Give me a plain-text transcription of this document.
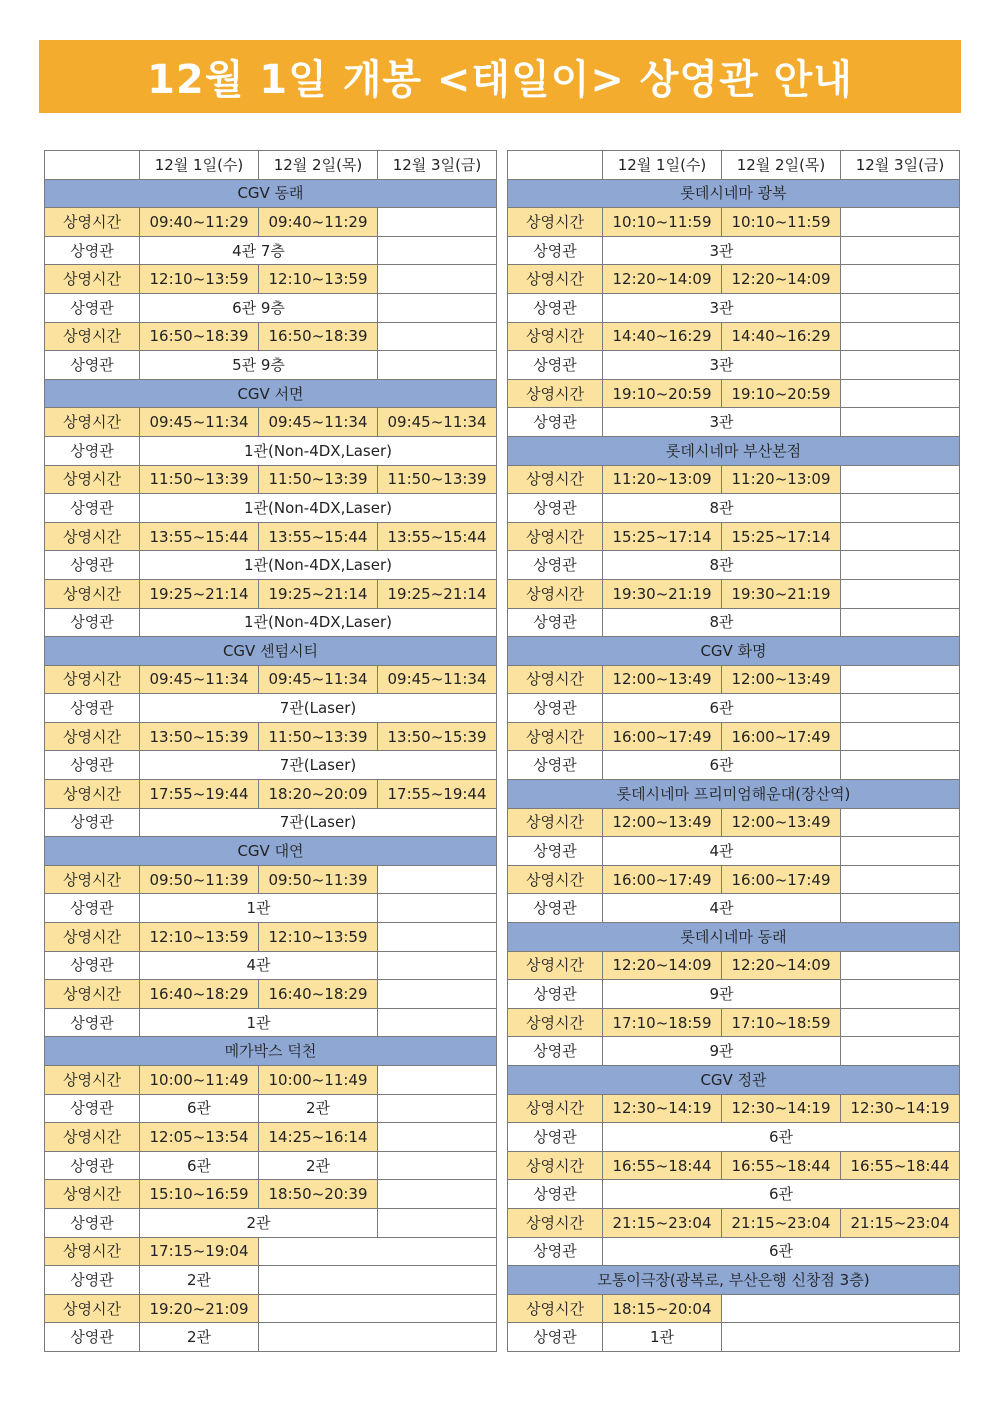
12월 1일 개봉 <태일이> 상영관 안내
	12월 1일(수)	12월 2일(목)	12월 3일(금)
CGV 동래			
상영시간	09:40~11:29	09:40~11:29	
상영관	4관 7층		
상영시간	12:10~13:59	12:10~13:59	
상영관	6관 9층		
상영시간	16:50~18:39	16:50~18:39	
상영관	5관 9층		
CGV 서면			
상영시간	09:45~11:34	09:45~11:34	09:45~11:34
상영관	1관(Non-4DX,Laser)		
상영시간	11:50~13:39	11:50~13:39	11:50~13:39
상영관	1관(Non-4DX,Laser)		
상영시간	13:55~15:44	13:55~15:44	13:55~15:44
상영관	1관(Non-4DX,Laser)		
상영시간	19:25~21:14	19:25~21:14	19:25~21:14
상영관	1관(Non-4DX,Laser)		
CGV 센텀시티			
상영시간	09:45~11:34	09:45~11:34	09:45~11:34
상영관	7관(Laser)		
상영시간	13:50~15:39	11:50~13:39	13:50~15:39
상영관	7관(Laser)		
상영시간	17:55~19:44	18:20~20:09	17:55~19:44
상영관	7관(Laser)		
CGV 대연			
상영시간	09:50~11:39	09:50~11:39	
상영관	1관		
상영시간	12:10~13:59	12:10~13:59	
상영관	4관		
상영시간	16:40~18:29	16:40~18:29	
상영관	1관		
메가박스 덕천			
상영시간	10:00~11:49	10:00~11:49	
상영관	6관	2관	
상영시간	12:05~13:54	14:25~16:14	
상영관	6관	2관	
상영시간	15:10~16:59	18:50~20:39	
상영관	2관		
상영시간	17:15~19:04		
상영관	2관		
상영시간	19:20~21:09		
상영관	2관		
	12월 1일(수)	12월 2일(목)	12월 3일(금)
롯데시네마 광복			
상영시간	10:10~11:59	10:10~11:59	
상영관	3관		
상영시간	12:20~14:09	12:20~14:09	
상영관	3관		
상영시간	14:40~16:29	14:40~16:29	
상영관	3관		
상영시간	19:10~20:59	19:10~20:59	
상영관	3관		
롯데시네마 부산본점			
상영시간	11:20~13:09	11:20~13:09	
상영관	8관		
상영시간	15:25~17:14	15:25~17:14	
상영관	8관		
상영시간	19:30~21:19	19:30~21:19	
상영관	8관		
CGV 화명			
상영시간	12:00~13:49	12:00~13:49	
상영관	6관		
상영시간	16:00~17:49	16:00~17:49	
상영관	6관		
롯데시네마 프리미엄해운대(장산역)			
상영시간	12:00~13:49	12:00~13:49	
상영관	4관		
상영시간	16:00~17:49	16:00~17:49	
상영관	4관		
롯데시네마 동래			
상영시간	12:20~14:09	12:20~14:09	
상영관	9관		
상영시간	17:10~18:59	17:10~18:59	
상영관	9관		
CGV 정관			
상영시간	12:30~14:19	12:30~14:19	12:30~14:19
상영관	6관		
상영시간	16:55~18:44	16:55~18:44	16:55~18:44
상영관	6관		
상영시간	21:15~23:04	21:15~23:04	21:15~23:04
상영관	6관		
모통이극장(광복로, 부산은행 신창점 3층)			
상영시간	18:15~20:04		
상영관	1관		
